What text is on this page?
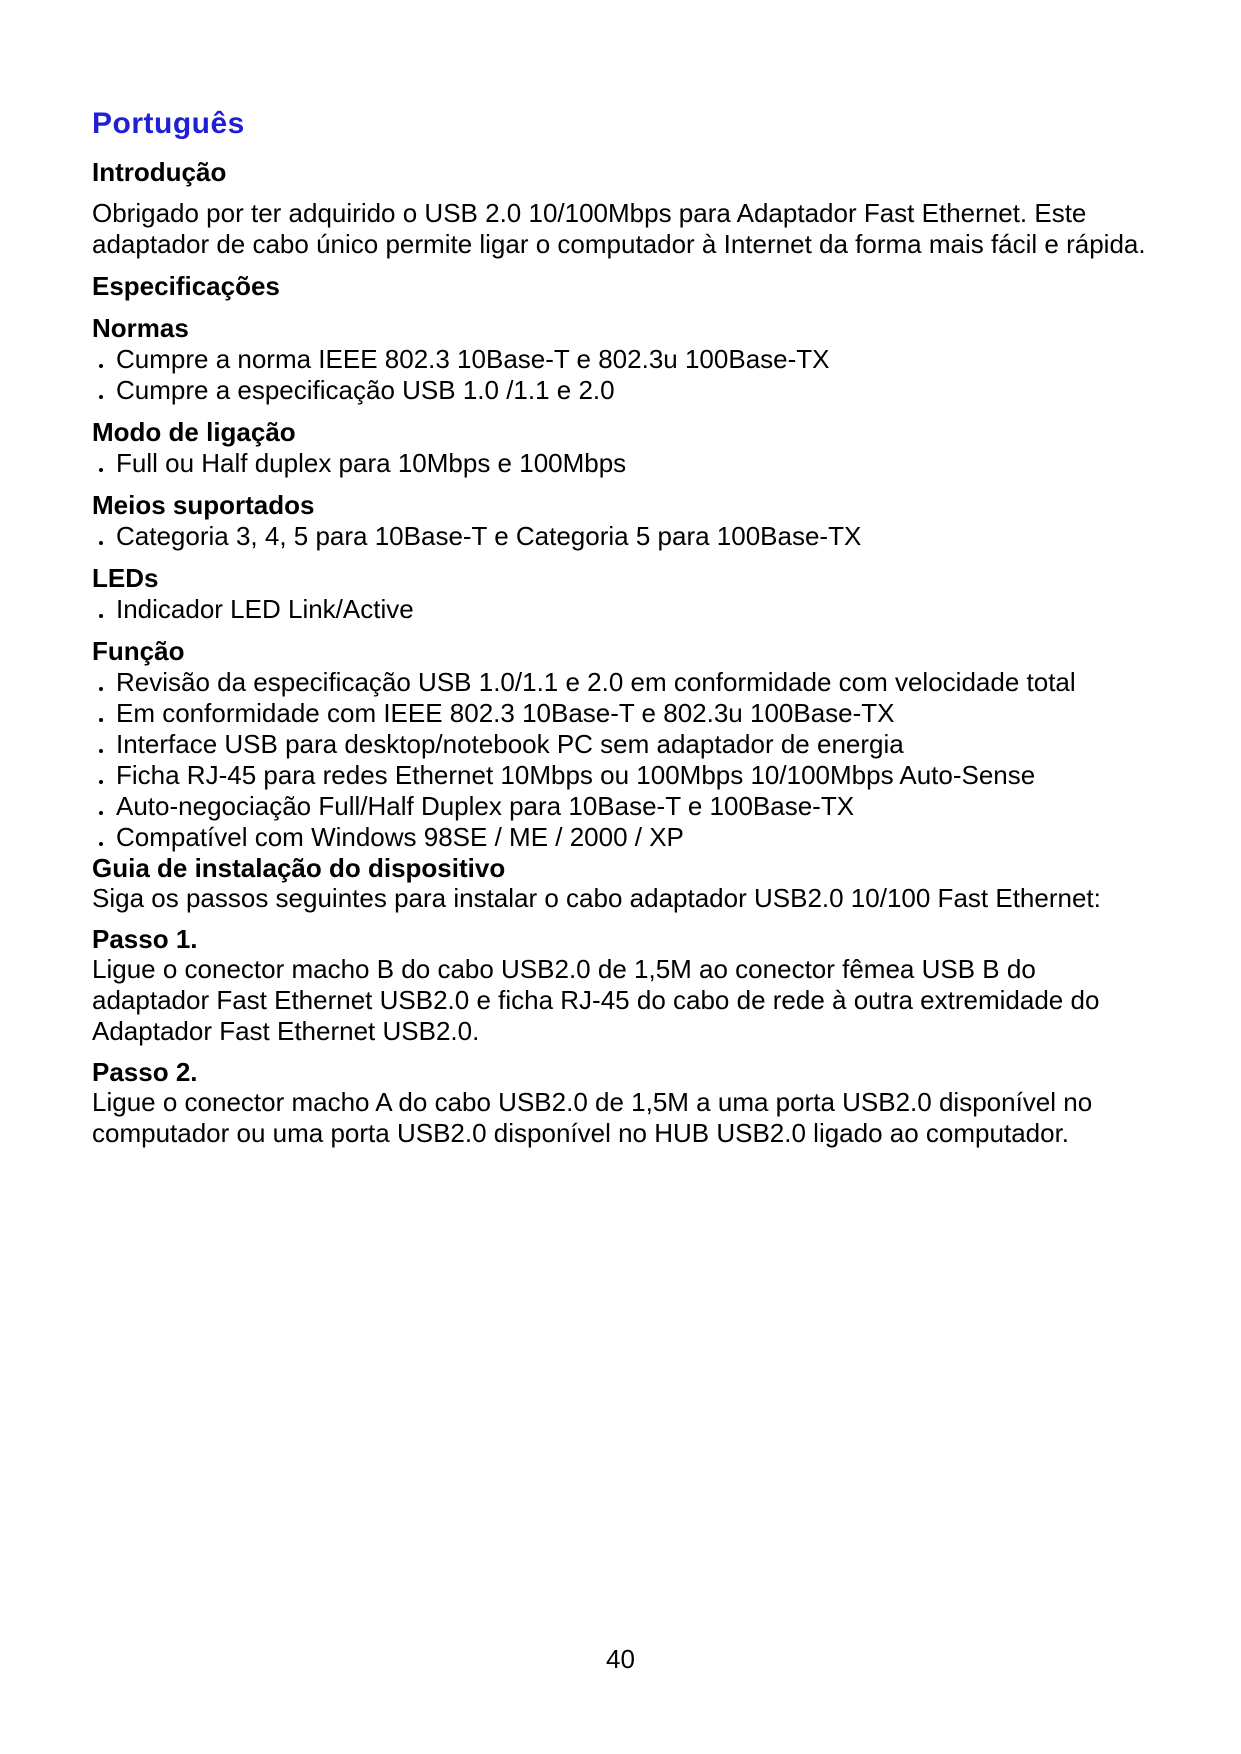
Português
Introdução

Obrigado por ter adquirido o USB 2.0 10/100Mbps para Adaptador Fast Ethernet. Este adaptador de cabo único permite ligar o computador à Internet da forma mais fácil e rápida.

Especificações
Normas
Cumpre a norma IEEE 802.3 10Base-T e 802.3u 100Base-TX
Cumpre a especificação USB 1.0 /1.1 e 2.0
Modo de ligação
Full ou Half duplex para 10Mbps e 100Mbps
Meios suportados
Categoria 3, 4, 5 para 10Base-T e Categoria 5 para 100Base-TX
LEDs
Indicador LED Link/Active
Função
Revisão da especificação USB 1.0/1.1 e 2.0 em conformidade com velocidade total
Em conformidade com IEEE 802.3 10Base-T e 802.3u 100Base-TX
Interface USB para desktop/notebook PC sem adaptador de energia
Ficha RJ-45 para redes Ethernet 10Mbps ou 100Mbps 10/100Mbps Auto-Sense
Auto-negociação Full/Half Duplex para 10Base-T e 100Base-TX
Compatível com Windows 98SE / ME / 2000 / XP
Guia de instalação do dispositivo

Siga os passos seguintes para instalar o cabo adaptador USB2.0 10/100 Fast Ethernet:

Passo 1.

Ligue o conector macho B do cabo USB2.0 de 1,5M ao conector fêmea USB B do adaptador Fast Ethernet USB2.0 e ficha RJ-45 do cabo de rede à outra extremidade do Adaptador Fast Ethernet USB2.0.

Passo 2.

Ligue o conector macho A do cabo USB2.0 de 1,5M a uma porta USB2.0 disponível no computador ou uma porta USB2.0 disponível no HUB USB2.0 ligado ao computador.

40
